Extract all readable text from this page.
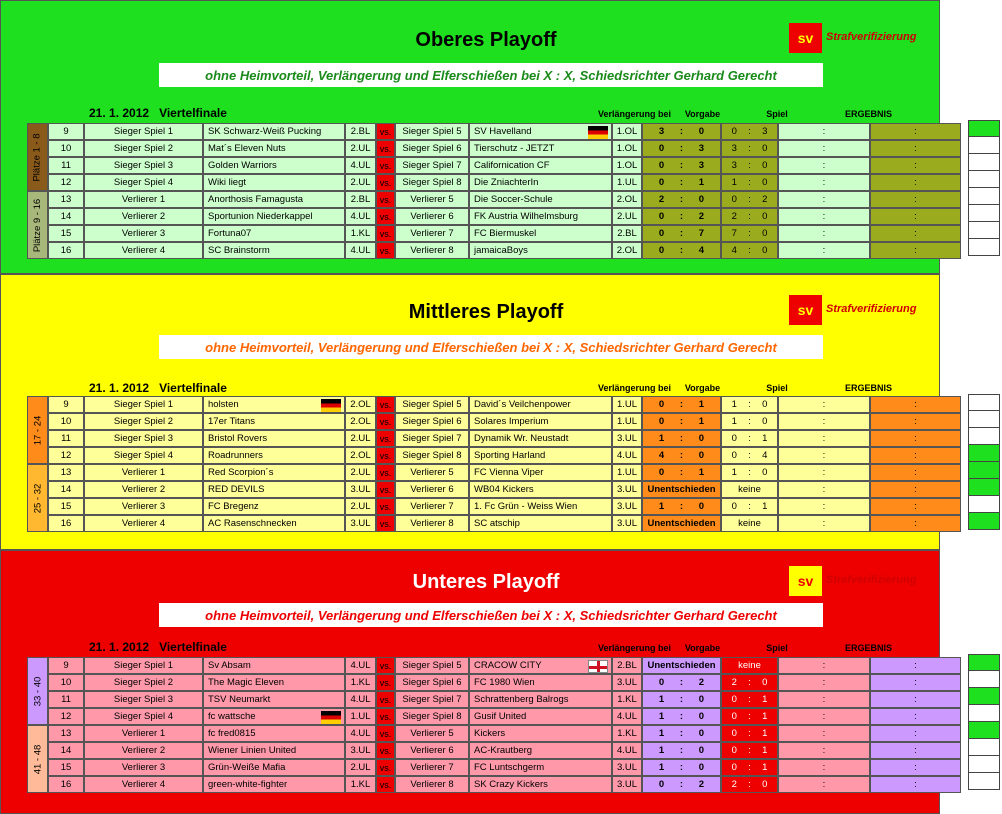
Oberes Playoff	sv	Strafverifizierung
ohne Heimvorteil, Verlängerung und Elferschießen bei X : X, Schiedsrichter Gerhard Gerecht
21. 1. 2012 Viertelfinale	Verlängerung bei	Vorgabe	Spiel	ERGEBNIS
Plätze 1 - 8
Plätze 9 - 16
9	Sieger Spiel 1	SK Schwarz-Weiß Pucking	2.BL	vs.	Sieger Spiel 5	SV Havelland	1.OL	3 : 0	0 : 3	:	:
10	Sieger Spiel 2	Mat´s Eleven Nuts	2.UL	vs.	Sieger Spiel 6	Tierschutz - JETZT	1.OL	0 : 3	3 : 0	:	:
11	Sieger Spiel 3	Golden Warriors	4.UL	vs.	Sieger Spiel 7	Californication CF	1.OL	0 : 3	3 : 0	:	:
12	Sieger Spiel 4	Wiki liegt	2.UL	vs.	Sieger Spiel 8	Die ZniachterIn	1.UL	0 : 1	1 : 0	:	:
13	Verlierer 1	Anorthosis Famagusta	2.BL	vs.	Verlierer 5	Die Soccer-Schule	2.OL	2 : 0	0 : 2	:	:
14	Verlierer 2	Sportunion Niederkappel	4.UL	vs.	Verlierer 6	FK Austria Wilhelmsburg	2.UL	0 : 2	2 : 0	:	:
15	Verlierer 3	Fortuna07	1.KL	vs.	Verlierer 7	FC Biermuskel	2.BL	0 : 7	7 : 0	:	:
16	Verlierer 4	SC Brainstorm	4.UL	vs.	Verlierer 8	jamaicaBoys	2.OL	0 : 4	4 : 0	:	:
Mittleres Playoff	sv	Strafverifizierung
ohne Heimvorteil, Verlängerung und Elferschießen bei X : X, Schiedsrichter Gerhard Gerecht
21. 1. 2012 Viertelfinale	Verlängerung bei	Vorgabe	Spiel	ERGEBNIS
17 - 24
25 - 32
9	Sieger Spiel 1	holsten	2.OL vs.	Sieger Spiel 5	David´s Veilchenpower	1.UL	0 : 1	1 : 0	:	:
10	Sieger Spiel 2	17er Titans	2.OL vs.	Sieger Spiel 6	Solares Imperium	1.UL	0 : 1	1 : 0	:	:
11	Sieger Spiel 3	Bristol Rovers	2.UL	vs.	Sieger Spiel 7	Dynamik Wr. Neustadt	3.UL	1 : 0	0 : 1	:	:
12	Sieger Spiel 4	Roadrunners	2.OL vs.	Sieger Spiel 8	Sporting Harland	4.UL	4 : 0	0 : 4	:	:
13	Verlierer 1	Red Scorpion´s	2.UL	vs.	Verlierer 5	FC Vienna Viper	1.UL	0 : 1	1 : 0	:	:
14	Verlierer 2	RED DEVILS	3.UL	vs.	Verlierer 6	WB04 Kickers	3.UL	Unentschieden	keine	:	:
15	Verlierer 3	FC Bregenz	2.UL	vs.	Verlierer 7	1. Fc Grün - Weiss Wien	3.UL	1 : 0	0 : 1	:	:
16	Verlierer 4	AC Rasenschnecken	3.UL	vs.	Verlierer 8	SC atschip	3.UL	Unentschieden	keine	:	:
Unteres Playoff	sv	Strafverifizierung
ohne Heimvorteil, Verlängerung und Elferschießen bei X : X, Schiedsrichter Gerhard Gerecht
21. 1. 2012 Viertelfinale	Verlängerung bei	Vorgabe	Spiel	ERGEBNIS
33 - 40
41 - 48
9	Sieger Spiel 1	Sv Absam	4.UL	vs.	Sieger Spiel 5	CRACOW CITY	2.BL	Unentschieden	keine	:	:
10	Sieger Spiel 2	The Magic Eleven	1.KL	vs.	Sieger Spiel 6	FC 1980 Wien	3.UL	0 : 2	2 : 0	:	:
11	Sieger Spiel 3	TSV Neumarkt	4.UL	vs.	Sieger Spiel 7	Schrattenberg Balrogs	1.KL	1 : 0	0 : 1	:	:
12	Sieger Spiel 4	fc wattsche	1.UL	vs.	Sieger Spiel 8	Gusif United	4.UL	1 : 0	0 : 1	:	:
13	Verlierer 1	fc fred0815	4.UL	vs.	Verlierer 5	Kickers	1.KL	1 : 0	0 : 1	:	:
14	Verlierer 2	Wiener Linien United	3.UL	vs.	Verlierer 6	AC-Krautberg	4.UL	1 : 0	0 : 1	:	:
15	Verlierer 3	Grün-Weiße Mafia	2.UL	vs.	Verlierer 7	FC Luntschgerm	3.UL	1 : 0	0 : 1	:	:
16	Verlierer 4	green-white-fighter	1.KL	vs.	Verlierer 8	SK Crazy Kickers	3.UL	0 : 2	2 : 0	:	:
